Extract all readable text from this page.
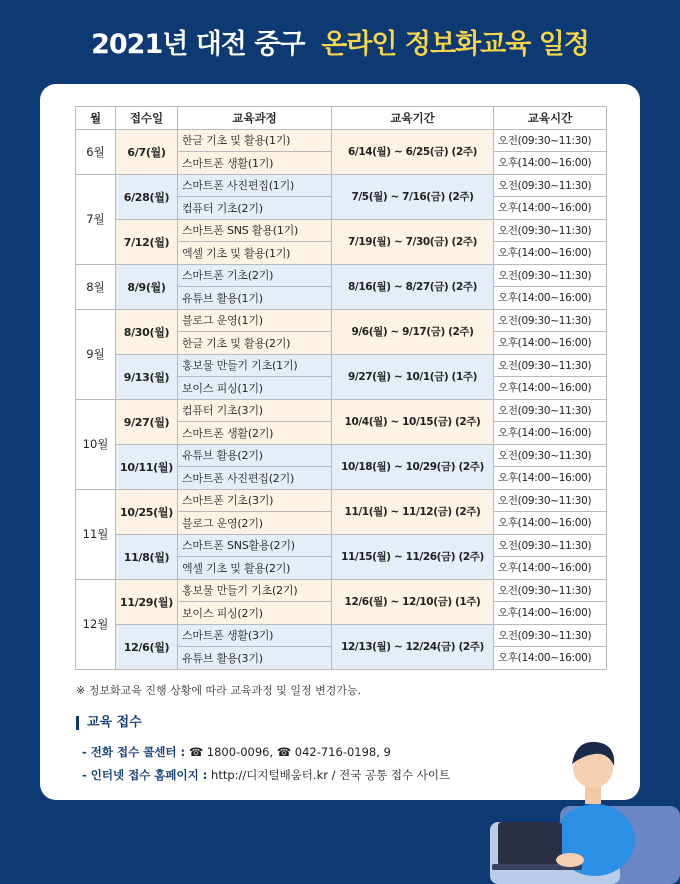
2021년 대전 중구 온라인 정보화교육 일정
월	접수일	교육과정	교육기간	교육시간
6월	6/7(월)	한글 기초 및 활용(1기)	6/14(월) ~ 6/25(금) (2주)	오전(09:30~11:30)
		스마트폰 생활(1기)		오후(14:00~16:00)
7월	6/28(월)	스마트폰 사진편집(1기)	7/5(월) ~ 7/16(금) (2주)	오전(09:30~11:30)
		컴퓨터 기초(2기)		오후(14:00~16:00)
	7/12(월)	스마트폰 SNS 활용(1기)	7/19(월) ~ 7/30(금) (2주)	오전(09:30~11:30)
		엑셀 기초 및 활용(1기)		오후(14:00~16:00)
8월	8/9(월)	스마트폰 기초(2기)	8/16(월) ~ 8/27(금) (2주)	오전(09:30~11:30)
		유튜브 활용(1기)		오후(14:00~16:00)
9월	8/30(월)	블로그 운영(1기)	9/6(월) ~ 9/17(금) (2주)	오전(09:30~11:30)
		한글 기초 및 활용(2기)		오후(14:00~16:00)
	9/13(월)	홍보물 만들기 기초(1기)	9/27(월) ~ 10/1(금) (1주)	오전(09:30~11:30)
		보이스 피싱(1기)		오후(14:00~16:00)
10월	9/27(월)	컴퓨터 기초(3기)	10/4(월) ~ 10/15(금) (2주)	오전(09:30~11:30)
		스마트폰 생활(2기)		오후(14:00~16:00)
	10/11(월)	유튜브 활용(2기)	10/18(월) ~ 10/29(금) (2주)	오전(09:30~11:30)
		스마트폰 사진편집(2기)		오후(14:00~16:00)
11월	10/25(월)	스마트폰 기초(3기)	11/1(월) ~ 11/12(금) (2주)	오전(09:30~11:30)
		블로그 운영(2기)		오후(14:00~16:00)
	11/8(월)	스마트폰 SNS활용(2기)	11/15(월) ~ 11/26(금) (2주)	오전(09:30~11:30)
		엑셀 기초 및 활용(2기)		오후(14:00~16:00)
12월	11/29(월)	홍보물 만들기 기초(2기)	12/6(월) ~ 12/10(금) (1주)	오전(09:30~11:30)
		보이스 피싱(2기)		오후(14:00~16:00)
	12/6(월)	스마트폰 생활(3기)	12/13(월) ~ 12/24(금) (2주)	오전(09:30~11:30)
		유튜브 활용(3기)		오후(14:00~16:00)
※ 정보화교육 진행 상황에 따라 교육과정 및 일정 변경가능.
교육 접수
- 전화 접수 콜센터 : ☎ 1800-0096, ☎ 042-716-0198, 9
- 인터넷 접수 홈페이지 : http://디지털배움터.kr / 전국 공통 접수 사이트
